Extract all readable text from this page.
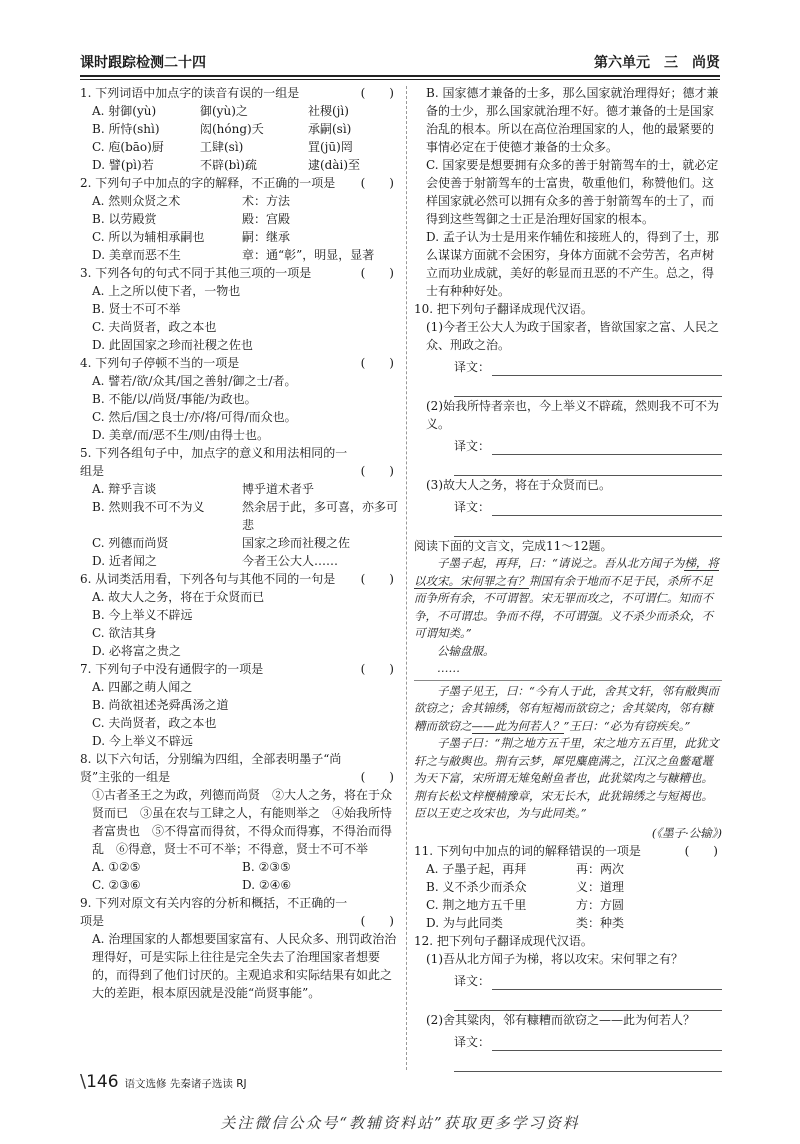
课时跟踪检测二十四	第六单元　三　尚贤
1. 下列词语中加点字的读音有误的一组是	(　　)
A. 射御(yù)	御(yù)之	社稷(jì)
B. 所恃(shì)	闳(hóng)夭	承嗣(sì)
C. 庖(bāo)厨	工肆(sì)	罝(jū)罔
D. 譬(pì)若	不辟(bì)疏	逮(dài)至
2. 下列句子中加点的字的解释，不正确的一项是 (　　)
A. 然则众贤之术	术：方法
B. 以劳殿赏	殿：宫殿
C. 所以为辅相承嗣也	嗣：继承
D. 美章而恶不生	章：通“彰”，明显，显著
3. 下列各句的句式不同于其他三项的一项是	(　　)
A. 上之所以使下者，一物也
B. 贤士不可不举
C. 夫尚贤者，政之本也
D. 此固国家之珍而社稷之佐也
4. 下列句子停顿不当的一项是	(　　)
A. 譬若/欲/众其/国之善射/御之士/者。
B. 不能/以/尚贤/事能/为政也。
C. 然后/国之良士/亦/将/可得/而众也。
D. 美章/而/恶不生/则/由得士也。
5. 下列各组句子中，加点字的意义和用法相同的一组是	(　　)
A. 辩乎言谈	博乎道术者乎
B. 然则我不可不为义	然余居于此，多可喜，亦多可悲
C. 列德而尚贤	国家之珍而社稷之佐
D. 近者闻之	今者王公大人……
6. 从词类活用看，下列各句与其他不同的一句是 (　　)
A. 故大人之务，将在于众贤而已
B. 今上举义不辟远
C. 欲洁其身
D. 必将富之贵之
7. 下列句子中没有通假字的一项是	(　　)
A. 四鄙之萌人闻之
B. 尚欲祖述尧舜禹汤之道
C. 夫尚贤者，政之本也
D. 今上举义不辟远
8. 以下六句话，分别编为四组，全部表明墨子“尚贤”主张的一组是	(　　)
①古者圣王之为政，列德而尚贤　②大人之务，将在于众贤而已　③虽在农与工肆之人，有能则举之　④始我所恃者富贵也　⑤不得富而得贫，不得众而得寡，不得治而得乱　⑥得意，贤士不可不举；不得意，贤士不可不举
A. ①②⑤	B. ②③⑤
C. ②③⑥	D. ②④⑥
9. 下列对原文有关内容的分析和概括，不正确的一项是	(　　)
A. 治理国家的人都想要国家富有、人民众多、刑罚政治治理得好，可是实际上往往是完全失去了治理国家者想要的，而得到了他们讨厌的。主观追求和实际结果有如此之大的差距，根本原因就是没能“尚贤事能”。
B. 国家德才兼备的士多，那么国家就治理得好；德才兼备的士少，那么国家就治理不好。德才兼备的士是国家治乱的根本。所以在高位治理国家的人，他的最紧要的事情必定在于使德才兼备的士众多。
C. 国家要是想要拥有众多的善于射箭驾车的士，就必定会使善于射箭驾车的士富贵，敬重他们，称赞他们。这样国家就必然可以拥有众多的善于射箭驾车的士了，而得到这些驾御之士正是治理好国家的根本。
D. 孟子认为士是用来作辅佐和接班人的，得到了士，那么谋谋方面就不会困穷，身体方面就不会劳苦，名声树立而功业成就，美好的彰显而丑恶的不产生。总之，得士有种种好处。
10. 把下列句子翻译成现代汉语。
(1)今者王公大人为政于国家者，皆欲国家之富、人民之众、刑政之治。
译文：
(2)始我所恃者亲也，今上举义不辟疏，然则我不可不为义。
译文：
(3)故大人之务，将在于众贤而已。
译文：
阅读下面的文言文，完成11～12题。

子墨子起，再拜，曰：“请说之。吾从北方闻子为梯，将以攻宋。宋何罪之有？荆国有余于地而不足于民，杀所不足而争所有余，不可谓智。宋无罪而攻之，不可谓仁。知而不争，不可谓忠。争而不得，不可谓强。义不杀少而杀众，不可谓知类。”

公输盘服。

……

子墨子见王，曰：“今有人于此，舍其文轩，邻有敝舆而欲窃之；舍其锦绣，邻有短褐而欲窃之；舍其粱肉，邻有糠糟而欲窃之——此为何若人？”王曰：“必为有窃疾矣。”

子墨子曰：“荆之地方五千里，宋之地方五百里，此犹文轩之与敝舆也。荆有云梦，犀兕麋鹿满之，江汉之鱼鳖鼋鼍为天下富，宋所谓无雉兔鲋鱼者也，此犹粱肉之与糠糟也。荆有长松文梓楩楠豫章，宋无长木，此犹锦绣之与短褐也。臣以王吏之攻宋也，为与此同类。”

(《墨子·公输》)
11. 下列句中加点的词的解释错误的一项是	(　　)
A. 子墨子起，再拜	再：两次
B. 义不杀少而杀众	义：道理
C. 荆之地方五千里	方：方圆
D. 为与此同类	类：种类
12. 把下列句子翻译成现代汉语。
(1)吾从北方闻子为梯，将以攻宋。宋何罪之有？
译文：
(2)舍其粱肉，邻有糠糟而欲窃之——此为何若人？
译文：
\146 语文选修 先秦诸子选读 RJ
关注微信公众号“教辅资料站”获取更多学习资料
